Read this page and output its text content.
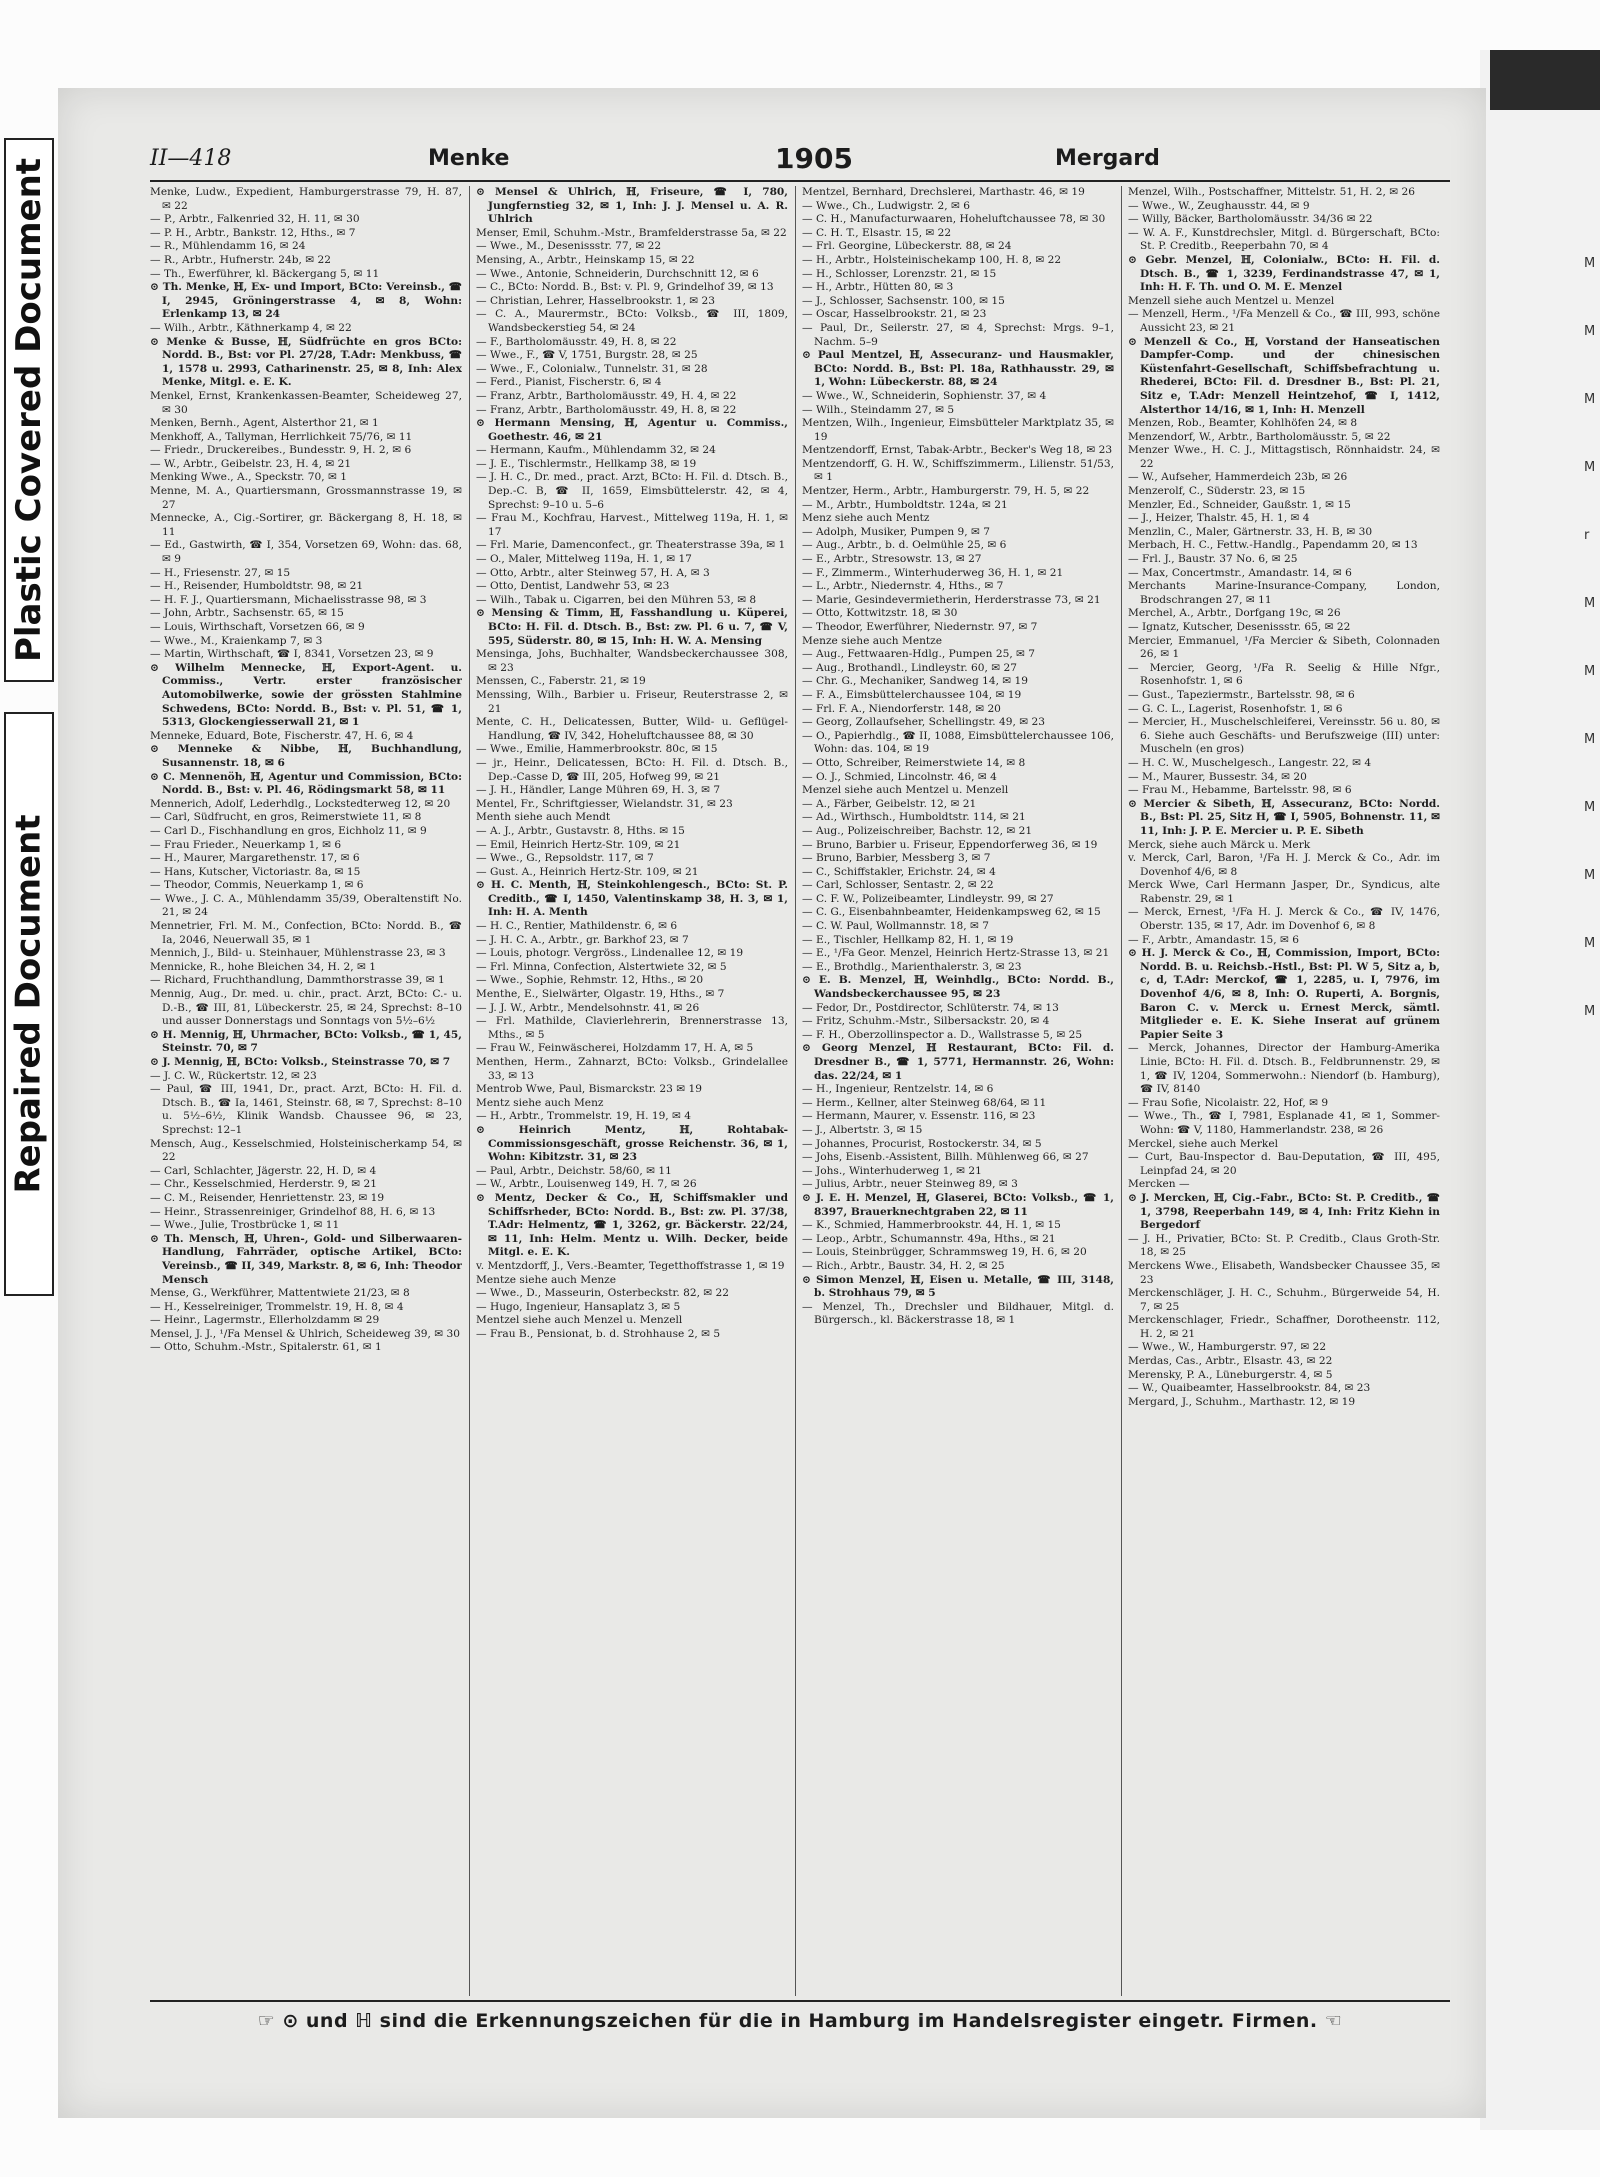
M
M
M
M
r
M
M
M
M
M
M
M
Plastic Covered Document
Repaired Document
II—418	Menke	1905	Mergard

Menke, Ludw., Expedient, Hamburgerstrasse 79, H. 87, ✉ 22

— P., Arbtr., Falkenried 32, H. 11, ✉ 30

— P. H., Arbtr., Bankstr. 12, Hths., ✉ 7

— R., Mühlendamm 16, ✉ 24

— R., Arbtr., Hufnerstr. 24b, ✉ 22

— Th., Ewerführer, kl. Bäckergang 5, ✉ 11

⊙ Th. Menke, ℍ, Ex- und Import, BCto: Vereinsb., ☎ I, 2945, Gröningerstrasse 4, ✉ 8, Wohn: Erlenkamp 13, ✉ 24

— Wilh., Arbtr., Käthnerkamp 4, ✉ 22

⊙ Menke & Busse, ℍ, Südfrüchte en gros BCto: Nordd. B., Bst: vor Pl. 27/28, T.Adr: Menkbuss, ☎ 1, 1578 u. 2993, Catharinenstr. 25, ✉ 8, Inh: Alex Menke, Mitgl. e. E. K.

Menkel, Ernst, Krankenkassen-Beamter, Scheideweg 27, ✉ 30

Menken, Bernh., Agent, Alsterthor 21, ✉ 1

Menkhoff, A., Tallyman, Herrlichkeit 75/76, ✉ 11

— Friedr., Druckereibes., Bundesstr. 9, H. 2, ✉ 6

— W., Arbtr., Geibelstr. 23, H. 4, ✉ 21

Menking Wwe., A., Speckstr. 70, ✉ 1

Menne, M. A., Quartiersmann, Grossmannstrasse 19, ✉ 27

Mennecke, A., Cig.-Sortirer, gr. Bäckergang 8, H. 18, ✉ 11

— Ed., Gastwirth, ☎ I, 354, Vorsetzen 69, Wohn: das. 68, ✉ 9

— H., Friesenstr. 27, ✉ 15

— H., Reisender, Humboldtstr. 98, ✉ 21

— H. F. J., Quartiersmann, Michaelisstrasse 98, ✉ 3

— John, Arbtr., Sachsenstr. 65, ✉ 15

— Louis, Wirthschaft, Vorsetzen 66, ✉ 9

— Wwe., M., Kraienkamp 7, ✉ 3

— Martin, Wirthschaft, ☎ I, 8341, Vorsetzen 23, ✉ 9

⊙ Wilhelm Mennecke, ℍ, Export-Agent. u. Commiss., Vertr. erster französischer Automobilwerke, sowie der grössten Stahlmine Schwedens, BCto: Nordd. B., Bst: v. Pl. 51, ☎ 1, 5313, Glockengiesserwall 21, ✉ 1

Menneke, Eduard, Bote, Fischerstr. 47, H. 6, ✉ 4

⊙ Menneke & Nibbe, ℍ, Buchhandlung, Susannenstr. 18, ✉ 6

⊙ C. Mennenöh, ℍ, Agentur und Commission, BCto: Nordd. B., Bst: v. Pl. 46, Rödingsmarkt 58, ✉ 11

Mennerich, Adolf, Lederhdlg., Lockstedterweg 12, ✉ 20

— Carl, Südfrucht, en gros, Reimerstwiete 11, ✉ 8

— Carl D., Fischhandlung en gros, Eichholz 11, ✉ 9

— Frau Frieder., Neuerkamp 1, ✉ 6

— H., Maurer, Margarethenstr. 17, ✉ 6

— Hans, Kutscher, Victoriastr. 8a, ✉ 15

— Theodor, Commis, Neuerkamp 1, ✉ 6

— Wwe., J. C. A., Mühlendamm 35/39, Oberaltenstift No. 21, ✉ 24

Mennetrier, Frl. M. M., Confection, BCto: Nordd. B., ☎ Ia, 2046, Neuerwall 35, ✉ 1

Mennich, J., Bild- u. Steinhauer, Mühlenstrasse 23, ✉ 3

Mennicke, R., hohe Bleichen 34, H. 2, ✉ 1

— Richard, Fruchthandlung, Dammthorstrasse 39, ✉ 1

Mennig, Aug., Dr. med. u. chir., pract. Arzt, BCto: C.- u. D.-B., ☎ III, 81, Lübeckerstr. 25, ✉ 24, Sprechst: 8–10 und ausser Donnerstags und Sonntags von 5½–6½

⊙ H. Mennig, ℍ, Uhrmacher, BCto: Volksb., ☎ 1, 45, Steinstr. 70, ✉ 7

⊙ J. Mennig, ℍ, BCto: Volksb., Steinstrasse 70, ✉ 7

— J. C. W., Rückertstr. 12, ✉ 23

— Paul, ☎ III, 1941, Dr., pract. Arzt, BCto: H. Fil. d. Dtsch. B., ☎ Ia, 1461, Steinstr. 68, ✉ 7, Sprechst: 8–10 u. 5½–6½, Klinik Wandsb. Chaussee 96, ✉ 23, Sprechst: 12–1

Mensch, Aug., Kesselschmied, Holsteinischerkamp 54, ✉ 22

— Carl, Schlachter, Jägerstr. 22, H. D, ✉ 4

— Chr., Kesselschmied, Herderstr. 9, ✉ 21

— C. M., Reisender, Henriettenstr. 23, ✉ 19

— Heinr., Strassenreiniger, Grindelhof 88, H. 6, ✉ 13

— Wwe., Julie, Trostbrücke 1, ✉ 11

⊙ Th. Mensch, ℍ, Uhren-, Gold- und Silberwaaren-Handlung, Fahrräder, optische Artikel, BCto: Vereinsb., ☎ II, 349, Markstr. 8, ✉ 6, Inh: Theodor Mensch

Mense, G., Werkführer, Mattentwiete 21/23, ✉ 8

— H., Kesselreiniger, Trommelstr. 19, H. 8, ✉ 4

— Heinr., Lagermstr., Ellerholzdamm ✉ 29

Mensel, J. J., ¹/Fa Mensel & Uhlrich, Scheideweg 39, ✉ 30

— Otto, Schuhm.-Mstr., Spitalerstr. 61, ✉ 1

⊙ Mensel & Uhlrich, ℍ, Friseure, ☎ I, 780, Jungfernstieg 32, ✉ 1, Inh: J. J. Mensel u. A. R. Uhlrich

Menser, Emil, Schuhm.-Mstr., Bramfelderstrasse 5a, ✉ 22

— Wwe., M., Desenissstr. 77, ✉ 22

Mensing, A., Arbtr., Heinskamp 15, ✉ 22

— Wwe., Antonie, Schneiderin, Durchschnitt 12, ✉ 6

— C., BCto: Nordd. B., Bst: v. Pl. 9, Grindelhof 39, ✉ 13

— Christian, Lehrer, Hasselbrookstr. 1, ✉ 23

— C. A., Maurermstr., BCto: Volksb., ☎ III, 1809, Wandsbeckerstieg 54, ✉ 24

— F., Bartholomäusstr. 49, H. 8, ✉ 22

— Wwe., F., ☎ V, 1751, Burgstr. 28, ✉ 25

— Wwe., F., Colonialw., Tunnelstr. 31, ✉ 28

— Ferd., Pianist, Fischerstr. 6, ✉ 4

— Franz, Arbtr., Bartholomäusstr. 49, H. 4, ✉ 22

— Franz, Arbtr., Bartholomäusstr. 49, H. 8, ✉ 22

⊙ Hermann Mensing, ℍ, Agentur u. Commiss., Goethestr. 46, ✉ 21

— Hermann, Kaufm., Mühlendamm 32, ✉ 24

— J. E., Tischlermstr., Hellkamp 38, ✉ 19

— J. H. C., Dr. med., pract. Arzt, BCto: H. Fil. d. Dtsch. B., Dep.-C. B, ☎ II, 1659, Eimsbüttelerstr. 42, ✉ 4, Sprechst: 9–10 u. 5–6

— Frau M., Kochfrau, Harvest., Mittelweg 119a, H. 1, ✉ 17

— Frl. Marie, Damenconfect., gr. Theaterstrasse 39a, ✉ 1

— O., Maler, Mittelweg 119a, H. 1, ✉ 17

— Otto, Arbtr., alter Steinweg 57, H. A, ✉ 3

— Otto, Dentist, Landwehr 53, ✉ 23

— Wilh., Tabak u. Cigarren, bei den Mühren 53, ✉ 8

⊙ Mensing & Timm, ℍ, Fasshandlung u. Küperei, BCto: H. Fil. d. Dtsch. B., Bst: zw. Pl. 6 u. 7, ☎ V, 595, Süderstr. 80, ✉ 15, Inh: H. W. A. Mensing

Mensinga, Johs, Buchhalter, Wandsbeckerchaussee 308, ✉ 23

Menssen, C., Faberstr. 21, ✉ 19

Menssing, Wilh., Barbier u. Friseur, Reuterstrasse 2, ✉ 21

Mente, C. H., Delicatessen, Butter, Wild- u. Geflügel-Handlung, ☎ IV, 342, Hoheluftchaussee 88, ✉ 30

— Wwe., Emilie, Hammerbrookstr. 80c, ✉ 15

— jr., Heinr., Delicatessen, BCto: H. Fil. d. Dtsch. B., Dep.-Casse D, ☎ III, 205, Hofweg 99, ✉ 21

— J. H., Händler, Lange Mühren 69, H. 3, ✉ 7

Mentel, Fr., Schriftgiesser, Wielandstr. 31, ✉ 23

Menth siehe auch Mendt

— A. J., Arbtr., Gustavstr. 8, Hths. ✉ 15

— Emil, Heinrich Hertz-Str. 109, ✉ 21

— Wwe., G., Repsoldstr. 117, ✉ 7

— Gust. A., Heinrich Hertz-Str. 109, ✉ 21

⊙ H. C. Menth, ℍ, Steinkohlengesch., BCto: St. P. Creditb., ☎ I, 1450, Valentinskamp 38, H. 3, ✉ 1, Inh: H. A. Menth

— H. C., Rentier, Mathildenstr. 6, ✉ 6

— J. H. C. A., Arbtr., gr. Barkhof 23, ✉ 7

— Louis, photogr. Vergröss., Lindenallee 12, ✉ 19

— Frl. Minna, Confection, Alstertwiete 32, ✉ 5

— Wwe., Sophie, Rehmstr. 12, Hths., ✉ 20

Menthe, E., Sielwärter, Olgastr. 19, Hths., ✉ 7

— J. J. W., Arbtr., Mendelsohnstr. 41, ✉ 26

— Frl. Mathilde, Clavierlehrerin, Brennerstrasse 13, Mths., ✉ 5

— Frau W., Feinwäscherei, Holzdamm 17, H. A, ✉ 5

Menthen, Herm., Zahnarzt, BCto: Volksb., Grindelallee 33, ✉ 13

Mentrob Wwe, Paul, Bismarckstr. 23 ✉ 19

Mentz siehe auch Menz

— H., Arbtr., Trommelstr. 19, H. 19, ✉ 4

⊙ Heinrich Mentz, ℍ, Rohtabak-Commissionsgeschäft, grosse Reichenstr. 36, ✉ 1, Wohn: Kibitzstr. 31, ✉ 23

— Paul, Arbtr., Deichstr. 58/60, ✉ 11

— W., Arbtr., Louisenweg 149, H. 7, ✉ 26

⊙ Mentz, Decker & Co., ℍ, Schiffsmakler und Schiffsrheder, BCto: Nordd. B., Bst: zw. Pl. 37/38, T.Adr: Helmentz, ☎ 1, 3262, gr. Bäckerstr. 22/24, ✉ 11, Inh: Helm. Mentz u. Wilh. Decker, beide Mitgl. e. E. K.

v. Mentzdorff, J., Vers.-Beamter, Tegetthoffstrasse 1, ✉ 19

Mentze siehe auch Menze

— Wwe., D., Masseurin, Osterbeckstr. 82, ✉ 22

— Hugo, Ingenieur, Hansaplatz 3, ✉ 5

Mentzel siehe auch Menzel u. Menzell

— Frau B., Pensionat, b. d. Strohhause 2, ✉ 5

Mentzel, Bernhard, Drechslerei, Marthastr. 46, ✉ 19

— Wwe., Ch., Ludwigstr. 2, ✉ 6

— C. H., Manufacturwaaren, Hoheluftchaussee 78, ✉ 30

— C. H. T., Elsastr. 15, ✉ 22

— Frl. Georgine, Lübeckerstr. 88, ✉ 24

— H., Arbtr., Holsteinischekamp 100, H. 8, ✉ 22

— H., Schlosser, Lorenzstr. 21, ✉ 15

— H., Arbtr., Hütten 80, ✉ 3

— J., Schlosser, Sachsenstr. 100, ✉ 15

— Oscar, Hasselbrookstr. 21, ✉ 23

— Paul, Dr., Seilerstr. 27, ✉ 4, Sprechst: Mrgs. 9–1, Nachm. 5–9

⊙ Paul Mentzel, ℍ, Assecuranz- und Hausmakler, BCto: Nordd. B., Bst: Pl. 18a, Rathhausstr. 29, ✉ 1, Wohn: Lübeckerstr. 88, ✉ 24

— Wwe., W., Schneiderin, Sophienstr. 37, ✉ 4

— Wilh., Steindamm 27, ✉ 5

Mentzen, Wilh., Ingenieur, Eimsbütteler Marktplatz 35, ✉ 19

Mentzendorff, Ernst, Tabak-Arbtr., Becker's Weg 18, ✉ 23

Mentzendorff, G. H. W., Schiffszimmerm., Lilienstr. 51/53, ✉ 1

Mentzer, Herm., Arbtr., Hamburgerstr. 79, H. 5, ✉ 22

— M., Arbtr., Humboldtstr. 124a, ✉ 21

Menz siehe auch Mentz

— Adolph, Musiker, Pumpen 9, ✉ 7

— Aug., Arbtr., b. d. Oelmühle 25, ✉ 6

— E., Arbtr., Stresowstr. 13, ✉ 27

— F., Zimmerm., Winterhuderweg 36, H. 1, ✉ 21

— L., Arbtr., Niedernstr. 4, Hths., ✉ 7

— Marie, Gesindevermietherin, Herderstrasse 73, ✉ 21

— Otto, Kottwitzstr. 18, ✉ 30

— Theodor, Ewerführer, Niedernstr. 97, ✉ 7

Menze siehe auch Mentze

— Aug., Fettwaaren-Hdlg., Pumpen 25, ✉ 7

— Aug., Brothandl., Lindleystr. 60, ✉ 27

— Chr. G., Mechaniker, Sandweg 14, ✉ 19

— F. A., Eimsbüttelerchaussee 104, ✉ 19

— Frl. F. A., Niendorferstr. 148, ✉ 20

— Georg, Zollaufseher, Schellingstr. 49, ✉ 23

— O., Papierhdlg., ☎ II, 1088, Eimsbüttelerchaussee 106, Wohn: das. 104, ✉ 19

— Otto, Schreiber, Reimerstwiete 14, ✉ 8

— O. J., Schmied, Lincolnstr. 46, ✉ 4

Menzel siehe auch Mentzel u. Menzell

— A., Färber, Geibelstr. 12, ✉ 21

— Ad., Wirthsch., Humboldtstr. 114, ✉ 21

— Aug., Polizeischreiber, Bachstr. 12, ✉ 21

— Bruno, Barbier u. Friseur, Eppendorferweg 36, ✉ 19

— Bruno, Barbier, Messberg 3, ✉ 7

— C., Schiffstakler, Erichstr. 24, ✉ 4

— Carl, Schlosser, Sentastr. 2, ✉ 22

— C. F. W., Polizeibeamter, Lindleystr. 99, ✉ 27

— C. G., Eisenbahnbeamter, Heidenkampsweg 62, ✉ 15

— C. W. Paul, Wollmannstr. 18, ✉ 7

— E., Tischler, Hellkamp 82, H. 1, ✉ 19

— E., ¹/Fa Geor. Menzel, Heinrich Hertz-Strasse 13, ✉ 21

— E., Brothdlg., Marienthalerstr. 3, ✉ 23

⊙ E. B. Menzel, ℍ, Weinhdlg., BCto: Nordd. B., Wandsbeckerchaussee 95, ✉ 23

— Fedor, Dr., Postdirector, Schlüterstr. 74, ✉ 13

— Fritz, Schuhm.-Mstr., Silbersackstr. 20, ✉ 4

— F. H., Oberzollinspector a. D., Wallstrasse 5, ✉ 25

⊙ Georg Menzel, ℍ Restaurant, BCto: Fil. d. Dresdner B., ☎ 1, 5771, Hermannstr. 26, Wohn: das. 22/24, ✉ 1

— H., Ingenieur, Rentzelstr. 14, ✉ 6

— Herm., Kellner, alter Steinweg 68/64, ✉ 11

— Hermann, Maurer, v. Essenstr. 116, ✉ 23

— J., Albertstr. 3, ✉ 15

— Johannes, Procurist, Rostockerstr. 34, ✉ 5

— Johs, Eisenb.-Assistent, Billh. Mühlenweg 66, ✉ 27

— Johs., Winterhuderweg 1, ✉ 21

— Julius, Arbtr., neuer Steinweg 89, ✉ 3

⊙ J. E. H. Menzel, ℍ, Glaserei, BCto: Volksb., ☎ 1, 8397, Brauerknechtgraben 22, ✉ 11

— K., Schmied, Hammerbrookstr. 44, H. 1, ✉ 15

— Leop., Arbtr., Schumannstr. 49a, Hths., ✉ 21

— Louis, Steinbrügger, Schrammsweg 19, H. 6, ✉ 20

— Rich., Arbtr., Baustr. 34, H. 2, ✉ 25

⊙ Simon Menzel, ℍ, Eisen u. Metalle, ☎ III, 3148, b. Strohhaus 79, ✉ 5

— Menzel, Th., Drechsler und Bildhauer, Mitgl. d. Bürgersch., kl. Bäckerstrasse 18, ✉ 1

Menzel, Wilh., Postschaffner, Mittelstr. 51, H. 2, ✉ 26

— Wwe., W., Zeughausstr. 44, ✉ 9

— Willy, Bäcker, Bartholomäusstr. 34/36 ✉ 22

— W. A. F., Kunstdrechsler, Mitgl. d. Bürgerschaft, BCto: St. P. Creditb., Reeperbahn 70, ✉ 4

⊙ Gebr. Menzel, ℍ, Colonialw., BCto: H. Fil. d. Dtsch. B., ☎ 1, 3239, Ferdinandstrasse 47, ✉ 1, Inh: H. F. Th. und O. M. E. Menzel

Menzell siehe auch Mentzel u. Menzel

— Menzell, Herm., ¹/Fa Menzell & Co., ☎ III, 993, schöne Aussicht 23, ✉ 21

⊙ Menzell & Co., ℍ, Vorstand der Hanseatischen Dampfer-Comp. und der chinesischen Küstenfahrt-Gesellschaft, Schiffsbefrachtung u. Rhederei, BCto: Fil. d. Dresdner B., Bst: Pl. 21, Sitz e, T.Adr: Menzell Heintzehof, ☎ I, 1412, Alsterthor 14/16, ✉ 1, Inh: H. Menzell

Menzen, Rob., Beamter, Kohlhöfen 24, ✉ 8

Menzendorf, W., Arbtr., Bartholomäusstr. 5, ✉ 22

Menzer Wwe., H. C. J., Mittagstisch, Rönnhaidstr. 24, ✉ 22

— W., Aufseher, Hammerdeich 23b, ✉ 26

Menzerolf, C., Süderstr. 23, ✉ 15

Menzler, Ed., Schneider, Gaußstr. 1, ✉ 15

— J., Heizer, Thalstr. 45, H. 1, ✉ 4

Menzlin, C., Maler, Gärtnerstr. 33, H. B, ✉ 30

Merbach, H. C., Fettw.-Handlg., Papendamm 20, ✉ 13

— Frl. J., Baustr. 37 No. 6, ✉ 25

— Max, Concertmstr., Amandastr. 14, ✉ 6

Merchants Marine-Insurance-Company, London, Brodschrangen 27, ✉ 11

Merchel, A., Arbtr., Dorfgang 19c, ✉ 26

— Ignatz, Kutscher, Desenissstr. 65, ✉ 22

Mercier, Emmanuel, ¹/Fa Mercier & Sibeth, Colonnaden 26, ✉ 1

— Mercier, Georg, ¹/Fa R. Seelig & Hille Nfgr., Rosenhofstr. 1, ✉ 6

— Gust., Tapeziermstr., Bartelsstr. 98, ✉ 6

— G. C. L., Lagerist, Rosenhofstr. 1, ✉ 6

— Mercier, H., Muschelschleiferei, Vereinsstr. 56 u. 80, ✉ 6. Siehe auch Geschäfts- und Berufszweige (III) unter: Muscheln (en gros)

— H. C. W., Muschelgesch., Langestr. 22, ✉ 4

— M., Maurer, Bussestr. 34, ✉ 20

— Frau M., Hebamme, Bartelsstr. 98, ✉ 6

⊙ Mercier & Sibeth, ℍ, Assecuranz, BCto: Nordd. B., Bst: Pl. 25, Sitz H, ☎ I, 5905, Bohnenstr. 11, ✉ 11, Inh: J. P. E. Mercier u. P. E. Sibeth

Merck, siehe auch Märck u. Merk

v. Merck, Carl, Baron, ¹/Fa H. J. Merck & Co., Adr. im Dovenhof 4/6, ✉ 8

Merck Wwe, Carl Hermann Jasper, Dr., Syndicus, alte Rabenstr. 29, ✉ 1

— Merck, Ernest, ¹/Fa H. J. Merck & Co., ☎ IV, 1476, Oberstr. 135, ✉ 17, Adr. im Dovenhof 6, ✉ 8

— F., Arbtr., Amandastr. 15, ✉ 6

⊙ H. J. Merck & Co., ℍ, Commission, Import, BCto: Nordd. B. u. Reichsb.-Hstl., Bst: Pl. W 5, Sitz a, b, c, d, T.Adr: Merckof, ☎ 1, 2285, u. I, 7976, im Dovenhof 4/6, ✉ 8, Inh: O. Ruperti, A. Borgnis, Baron C. v. Merck u. Ernest Merck, sämtl. Mitglieder e. E. K. Siehe Inserat auf grünem Papier Seite 3

— Merck, Johannes, Director der Hamburg-Amerika Linie, BCto: H. Fil. d. Dtsch. B., Feldbrunnenstr. 29, ✉ 1, ☎ IV, 1204, Sommerwohn.: Niendorf (b. Hamburg), ☎ IV, 8140

— Frau Sofie, Nicolaistr. 22, Hof, ✉ 9

— Wwe., Th., ☎ I, 7981, Esplanade 41, ✉ 1, Sommer-Wohn: ☎ V, 1180, Hammerlandstr. 238, ✉ 26

Merckel, siehe auch Merkel

— Curt, Bau-Inspector d. Bau-Deputation, ☎ III, 495, Leinpfad 24, ✉ 20

Mercken —

⊙ J. Mercken, ℍ, Cig.-Fabr., BCto: St. P. Creditb., ☎ 1, 3798, Reeperbahn 149, ✉ 4, Inh: Fritz Kiehn in Bergedorf

— J. H., Privatier, BCto: St. P. Creditb., Claus Groth-Str. 18, ✉ 25

Merckens Wwe., Elisabeth, Wandsbecker Chaussee 35, ✉ 23

Merckenschläger, J. H. C., Schuhm., Bürgerweide 54, H. 7, ✉ 25

Merckenschlager, Friedr., Schaffner, Dorotheenstr. 112, H. 2, ✉ 21

— Wwe., W., Hamburgerstr. 97, ✉ 22

Merdas, Cas., Arbtr., Elsastr. 43, ✉ 22

Merensky, P. A., Lüneburgerstr. 4, ✉ 5

— W., Quaibeamter, Hasselbrookstr. 84, ✉ 23

Mergard, J., Schuhm., Marthastr. 12, ✉ 19

☞ ⊙ und ℍ sind die Erkennungszeichen für die in Hamburg im Handelsregister eingetr. Firmen. ☜
